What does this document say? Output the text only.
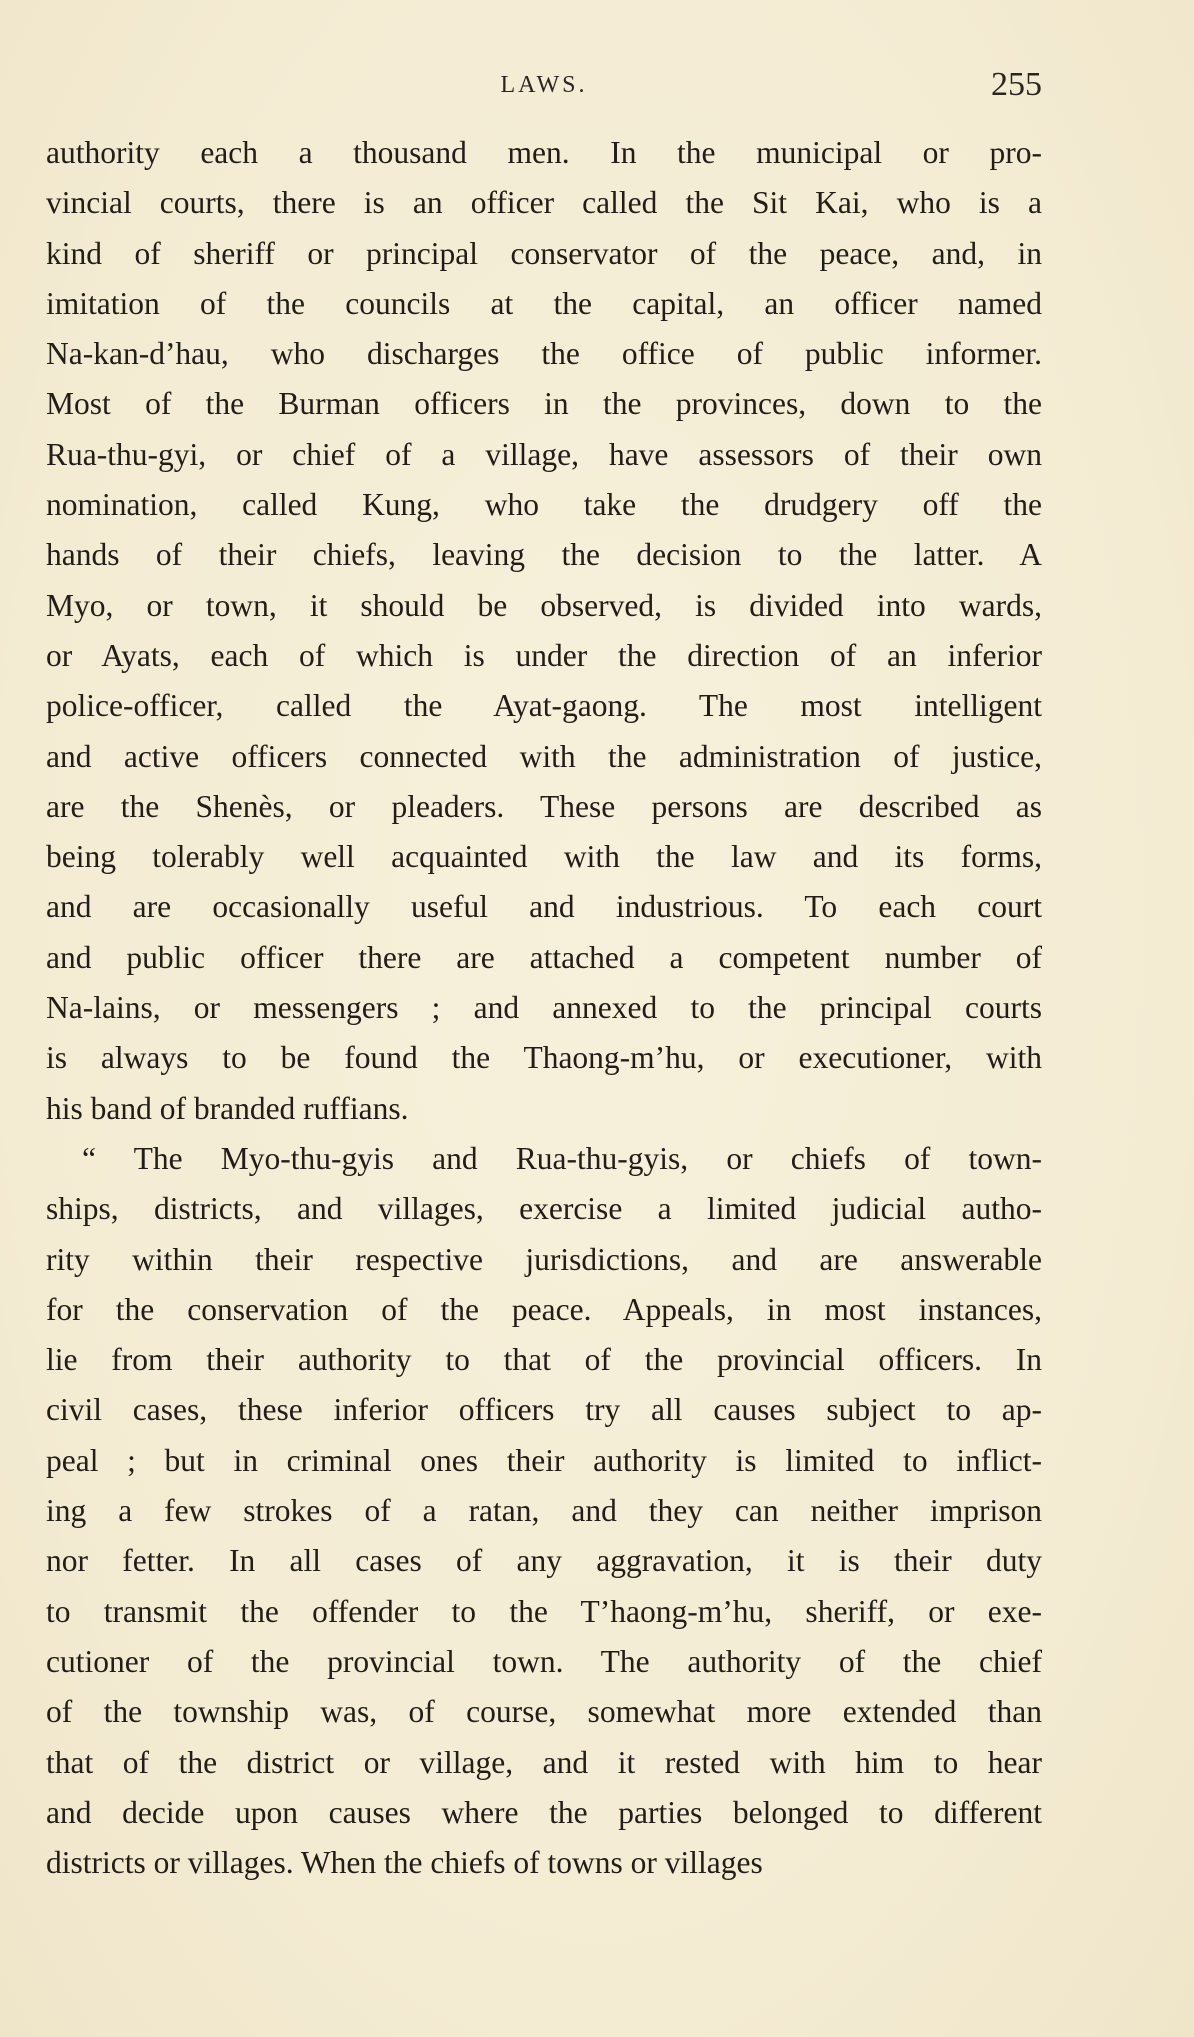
LAWS.	255
authority each a thousand men. In the municipal or pro-
vincial courts, there is an officer called the Sit Kai, who is a
kind of sheriff or principal conservator of the peace, and, in
imitation of the councils at the capital, an officer named
Na-kan-d’hau, who discharges the office of public informer.
Most of the Burman officers in the provinces, down to the
Rua-thu-gyi, or chief of a village, have assessors of their own
nomination, called Kung, who take the drudgery off the
hands of their chiefs, leaving the decision to the latter. A
Myo, or town, it should be observed, is divided into wards,
or Ayats, each of which is under the direction of an inferior
police-officer, called the Ayat-gaong. The most intelligent
and active officers connected with the administration of justice,
are the Shenès, or pleaders. These persons are described as
being tolerably well acquainted with the law and its forms,
and are occasionally useful and industrious. To each court
and public officer there are attached a competent number of
Na-lains, or messengers ; and annexed to the principal courts
is always to be found the Thaong-m’hu, or executioner, with
his band of branded ruffians.
“ The Myo-thu-gyis and Rua-thu-gyis, or chiefs of town-
ships, districts, and villages, exercise a limited judicial autho-
rity within their respective jurisdictions, and are answerable
for the conservation of the peace. Appeals, in most instances,
lie from their authority to that of the provincial officers. In
civil cases, these inferior officers try all causes subject to ap-
peal ; but in criminal ones their authority is limited to inflict-
ing a few strokes of a ratan, and they can neither imprison
nor fetter. In all cases of any aggravation, it is their duty
to transmit the offender to the T’haong-m’hu, sheriff, or exe-
cutioner of the provincial town. The authority of the chief
of the township was, of course, somewhat more extended than
that of the district or village, and it rested with him to hear
and decide upon causes where the parties belonged to different
districts or villages. When the chiefs of towns or villages
